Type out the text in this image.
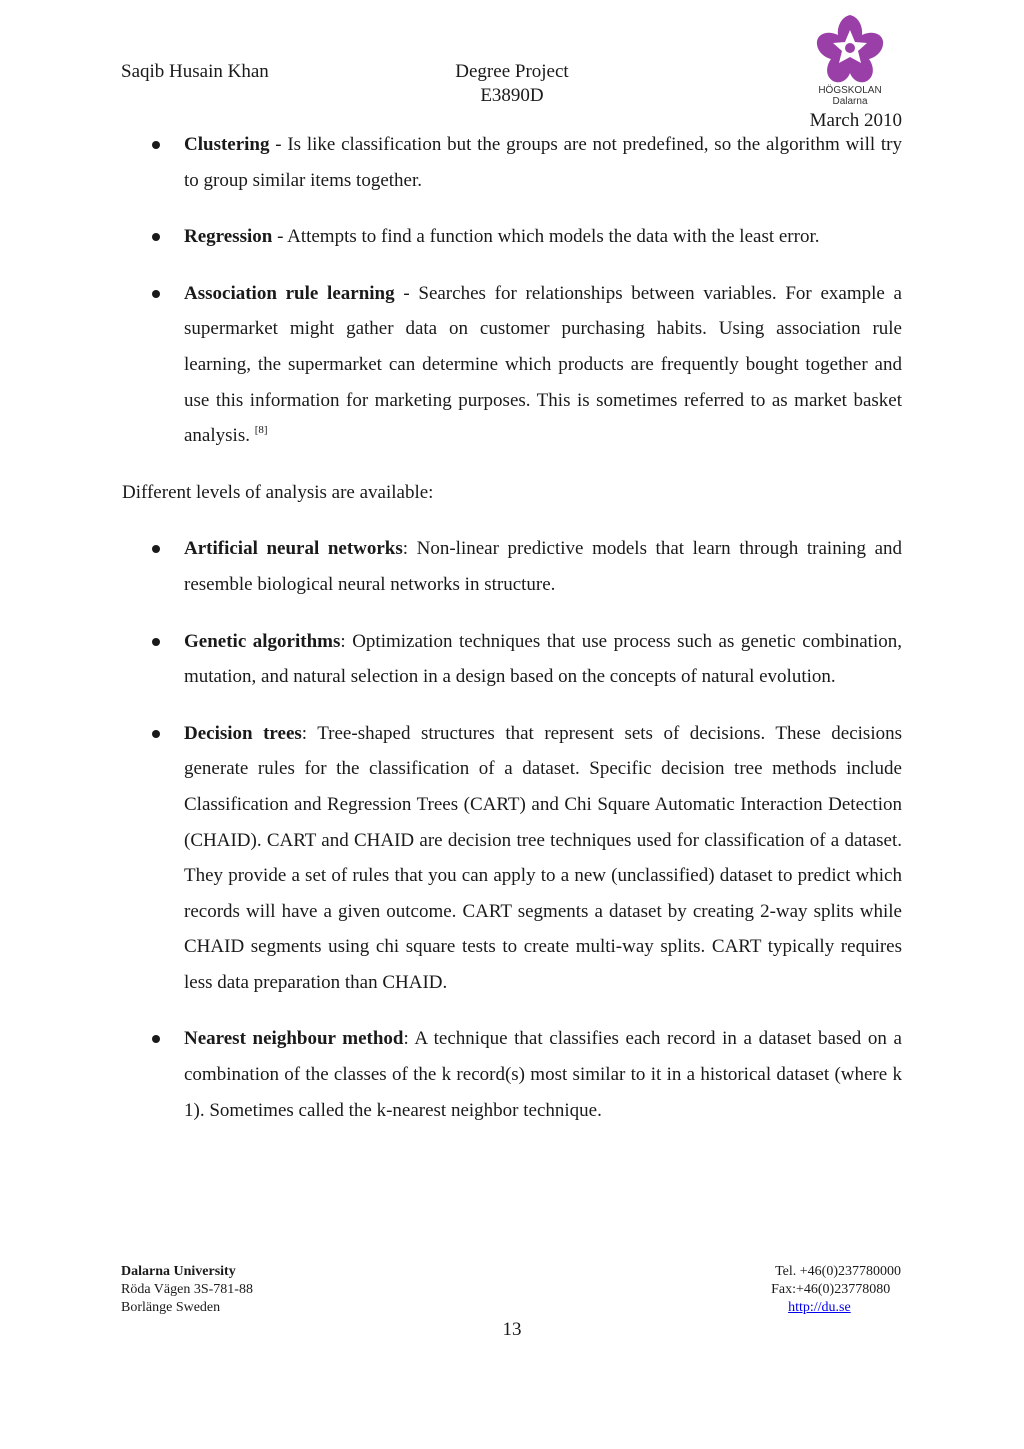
Saqib Husain Khan	Degree Project
E3890D	HÖGSKOLAN
Dalarna
March 2010
Clustering - Is like classification but the groups are not predefined, so the algorithm will try to group similar items together.
Regression - Attempts to find a function which models the data with the least error.
Association rule learning - Searches for relationships between variables. For example a supermarket might gather data on customer purchasing habits. Using association rule learning, the supermarket can determine which products are frequently bought together and use this information for marketing purposes. This is sometimes referred to as market basket analysis. [8]

Different levels of analysis are available:

Artificial neural networks: Non-linear predictive models that learn through training and resemble biological neural networks in structure.
Genetic algorithms: Optimization techniques that use process such as genetic combination, mutation, and natural selection in a design based on the concepts of natural evolution.
Decision trees: Tree-shaped structures that represent sets of decisions. These decisions generate rules for the classification of a dataset. Specific decision tree methods include Classification and Regression Trees (CART) and Chi Square Automatic Interaction Detection (CHAID). CART and CHAID are decision tree techniques used for classification of a dataset. They provide a set of rules that you can apply to a new (unclassified) dataset to predict which records will have a given outcome. CART segments a dataset by creating 2-way splits while CHAID segments using chi square tests to create multi-way splits. CART typically requires less data preparation than CHAID.
Nearest neighbour method: A technique that classifies each record in a dataset based on a combination of the classes of the k record(s) most similar to it in a historical dataset (where k 1). Sometimes called the k-nearest neighbor technique.
Dalarna University
Röda Vägen 3S-781-88
Borlänge Sweden
Tel. +46(0)237780000
Fax:+46(0)23778080
http://du.se
13
